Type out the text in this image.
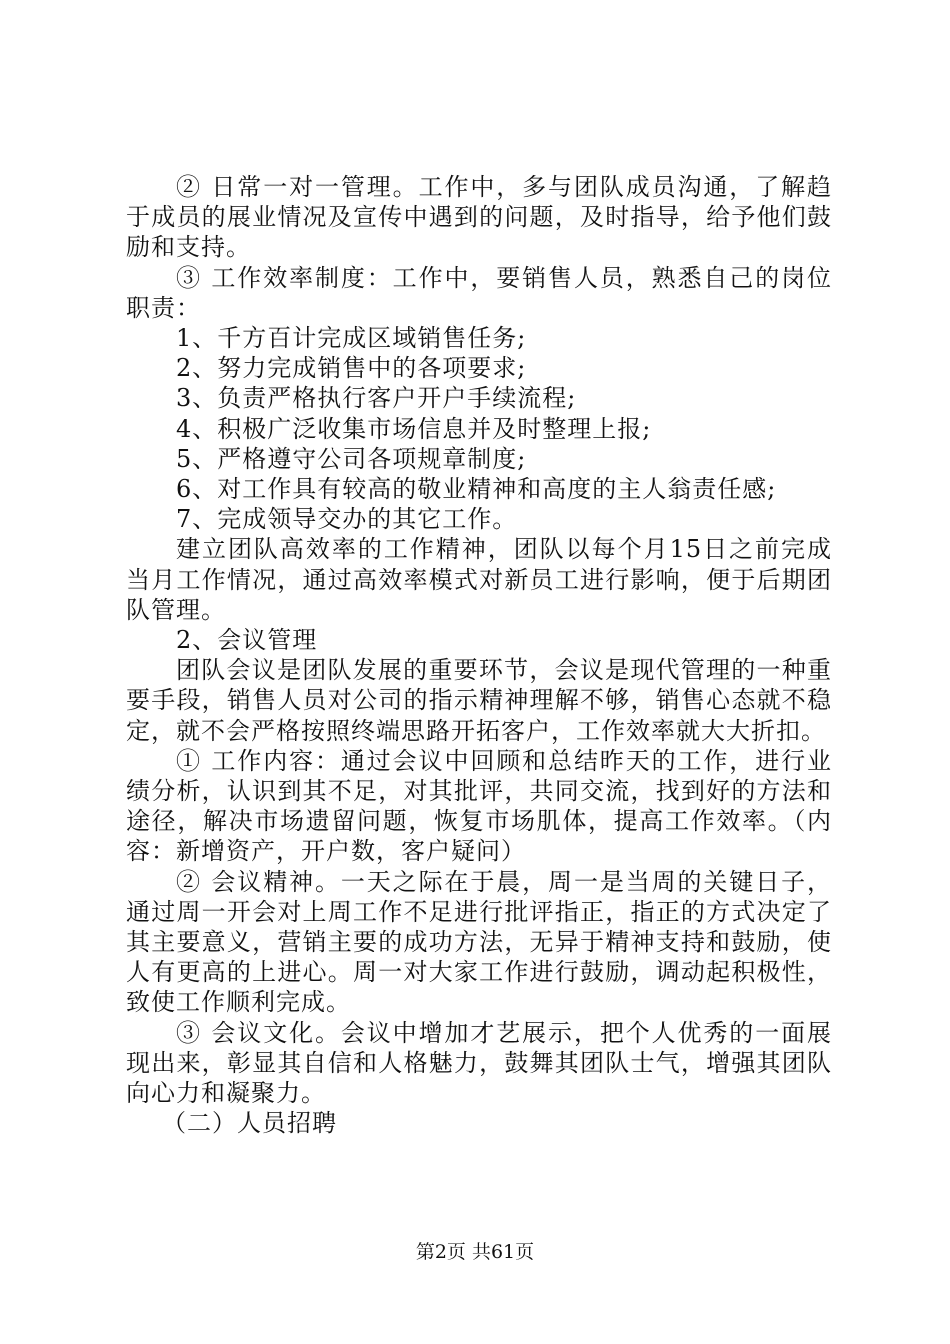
② 日常一对一管理。工作中，多与团队成员沟通，了解趋于成员的展业情况及宣传中遇到的问题，及时指导，给予他们鼓励和支持。

③ 工作效率制度：工作中，要销售人员，熟悉自己的岗位职责：

1、千方百计完成区域销售任务;

2、努力完成销售中的各项要求;

3、负责严格执行客户开户手续流程;

4、积极广泛收集市场信息并及时整理上报;

5、严格遵守公司各项规章制度;

6、对工作具有较高的敬业精神和高度的主人翁责任感;

7、完成领导交办的其它工作。

建立团队高效率的工作精神，团队以每个月15日之前完成当月工作情况，通过高效率模式对新员工进行影响，便于后期团队管理。

2、会议管理

团队会议是团队发展的重要环节，会议是现代管理的一种重要手段，销售人员对公司的指示精神理解不够，销售心态就不稳定，就不会严格按照终端思路开拓客户，工作效率就大大折扣。

① 工作内容：通过会议中回顾和总结昨天的工作，进行业绩分析，认识到其不足，对其批评，共同交流，找到好的方法和途径，解决市场遗留问题，恢复市场肌体，提高工作效率。（内容：新增资产，开户数，客户疑问）

② 会议精神。一天之际在于晨，周一是当周的关键日子，通过周一开会对上周工作不足进行批评指正，指正的方式决定了其主要意义，营销主要的成功方法，无异于精神支持和鼓励，使人有更高的上进心。周一对大家工作进行鼓励，调动起积极性，致使工作顺利完成。

③ 会议文化。会议中增加才艺展示，把个人优秀的一面展现出来，彰显其自信和人格魅力，鼓舞其团队士气，增强其团队向心力和凝聚力。

（二）人员招聘

第2页 共61页
